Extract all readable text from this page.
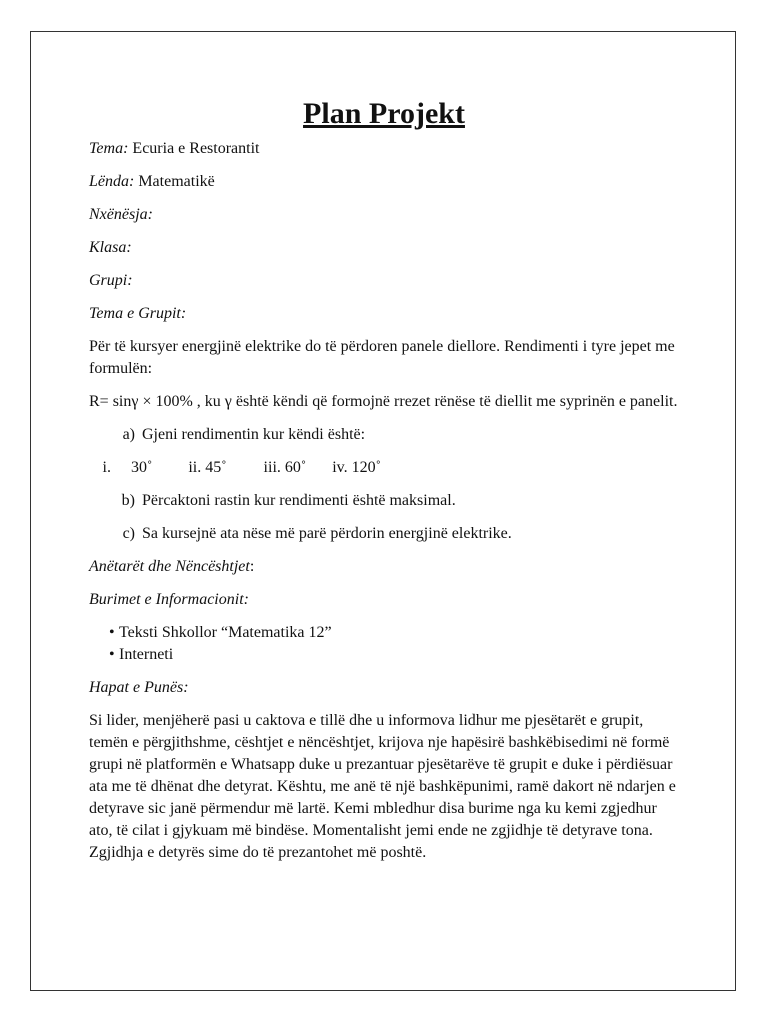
Plan Projekt
Tema: Ecuria e Restorantit
Lënda: Matematikë
Nxënësja:
Klasa:
Grupi:
Tema e Grupit:

Për të kursyer energjinë elektrike do të përdoren panele diellore. Rendimenti i tyre jepet me formulën:

R= sinγ × 100% , ku γ është këndi që formojnë rrezet rënëse të diellit me syprinën e panelit.

a) Gjeni rendimentin kur këndi është:
i. 30˚ ii. 45˚ iii. 60˚ iv. 120˚
b) Përcaktoni rastin kur rendimenti është maksimal.
c) Sa kursejnë ata nëse më parë përdorin energjinë elektrike.
Anëtarët dhe Nëncështjet:
Burimet e Informacionit:
• Teksti Shkollor “Matematika 12”
• Interneti
Hapat e Punës:

Si lider, menjëherë pasi u caktova e tillë dhe u informova lidhur me pjesëtarët e grupit, temën e përgjithshme, cështjet e nëncështjet, krijova nje hapësirë bashkëbisedimi në formë grupi në platformën e Whatsapp duke u prezantuar pjesëtarëve të grupit e duke i përdiësuar ata me të dhënat dhe detyrat. Kështu, me anë të një bashkëpunimi, ramë dakort në ndarjen e detyrave sic janë përmendur më lartë. Kemi mbledhur disa burime nga ku kemi zgjedhur ato, të cilat i gjykuam më bindëse. Momentalisht jemi ende ne zgjidhje të detyrave tona. Zgjidhja e detyrës sime do të prezantohet më poshtë.
